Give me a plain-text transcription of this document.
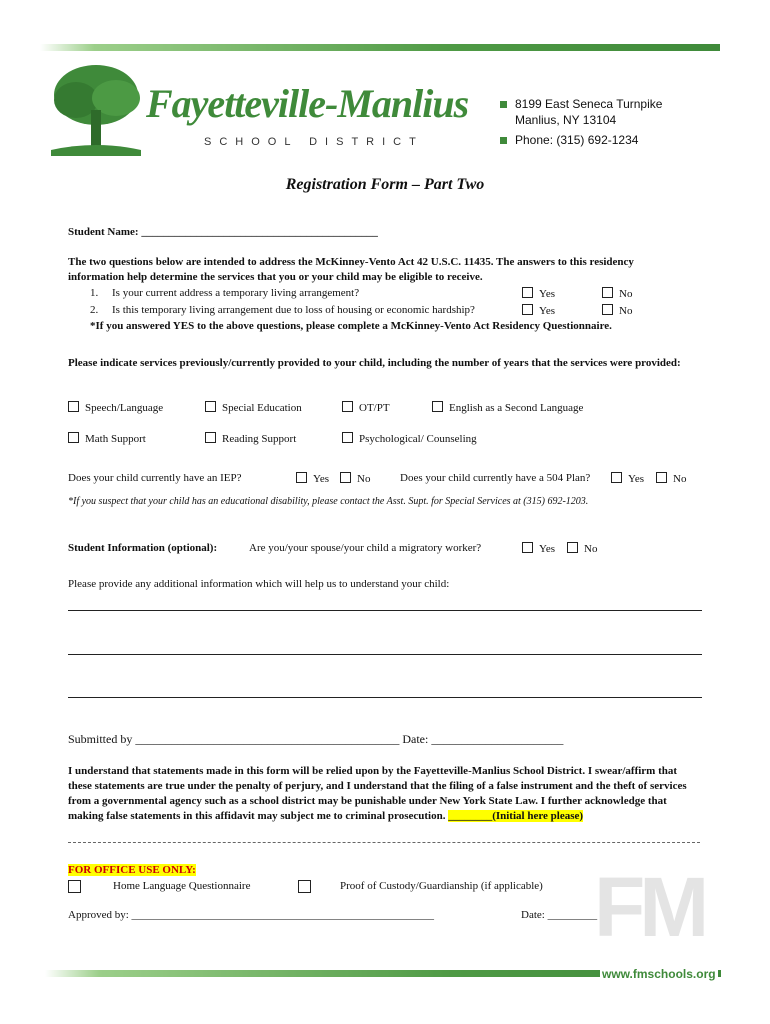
Fayetteville-Manlius
SCHOOL DISTRICT
8199 East Seneca Turnpike
Manlius, NY 13104
Phone: (315) 692-1234
Registration Form – Part Two
Student Name: ___________________________________________
The two questions below are intended to address the McKinney-Vento Act 42 U.S.C. 11435. The answers to this residency information help determine the services that you or your child may be eligible to receive.
1. Is your current address a temporary living arrangement?	Yes	No
2. Is this temporary living arrangement due to loss of housing or economic hardship?	Yes	No
*If you answered YES to the above questions, please complete a McKinney-Vento Act Residency Questionnaire.
Please indicate services previously/currently provided to your child, including the number of years that the services were provided:
Speech/Language	Special Education	OT/PT	English as a Second Language
Math Support	Reading Support	Psychological/ Counseling
Does your child currently have an IEP?	Yes	No	Does your child currently have a 504 Plan?	Yes	No
*If you suspect that your child has an educational disability, please contact the Asst. Supt. for Special Services at (315) 692-1203.
Student Information (optional):	Are you/your spouse/your child a migratory worker?	Yes	No
Please provide any additional information which will help us to understand your child:
Submitted by ____________________________________________ Date: ______________________
I understand that statements made in this form will be relied upon by the Fayetteville-Manlius School District. I swear/affirm that these statements are true under the penalty of perjury, and I understand that the filing of a false instrument and the theft of services from a governmental agency such as a school district may be punishable under New York State Law. I further acknowledge that making false statements in this affidavit may subject me to criminal prosecution. ________(Initial here please)
FOR OFFICE USE ONLY:
Home Language Questionnaire	Proof of Custody/Guardianship (if applicable) FM
Approved by: _______________________________________________________	Date: _________
www.fmschools.org
